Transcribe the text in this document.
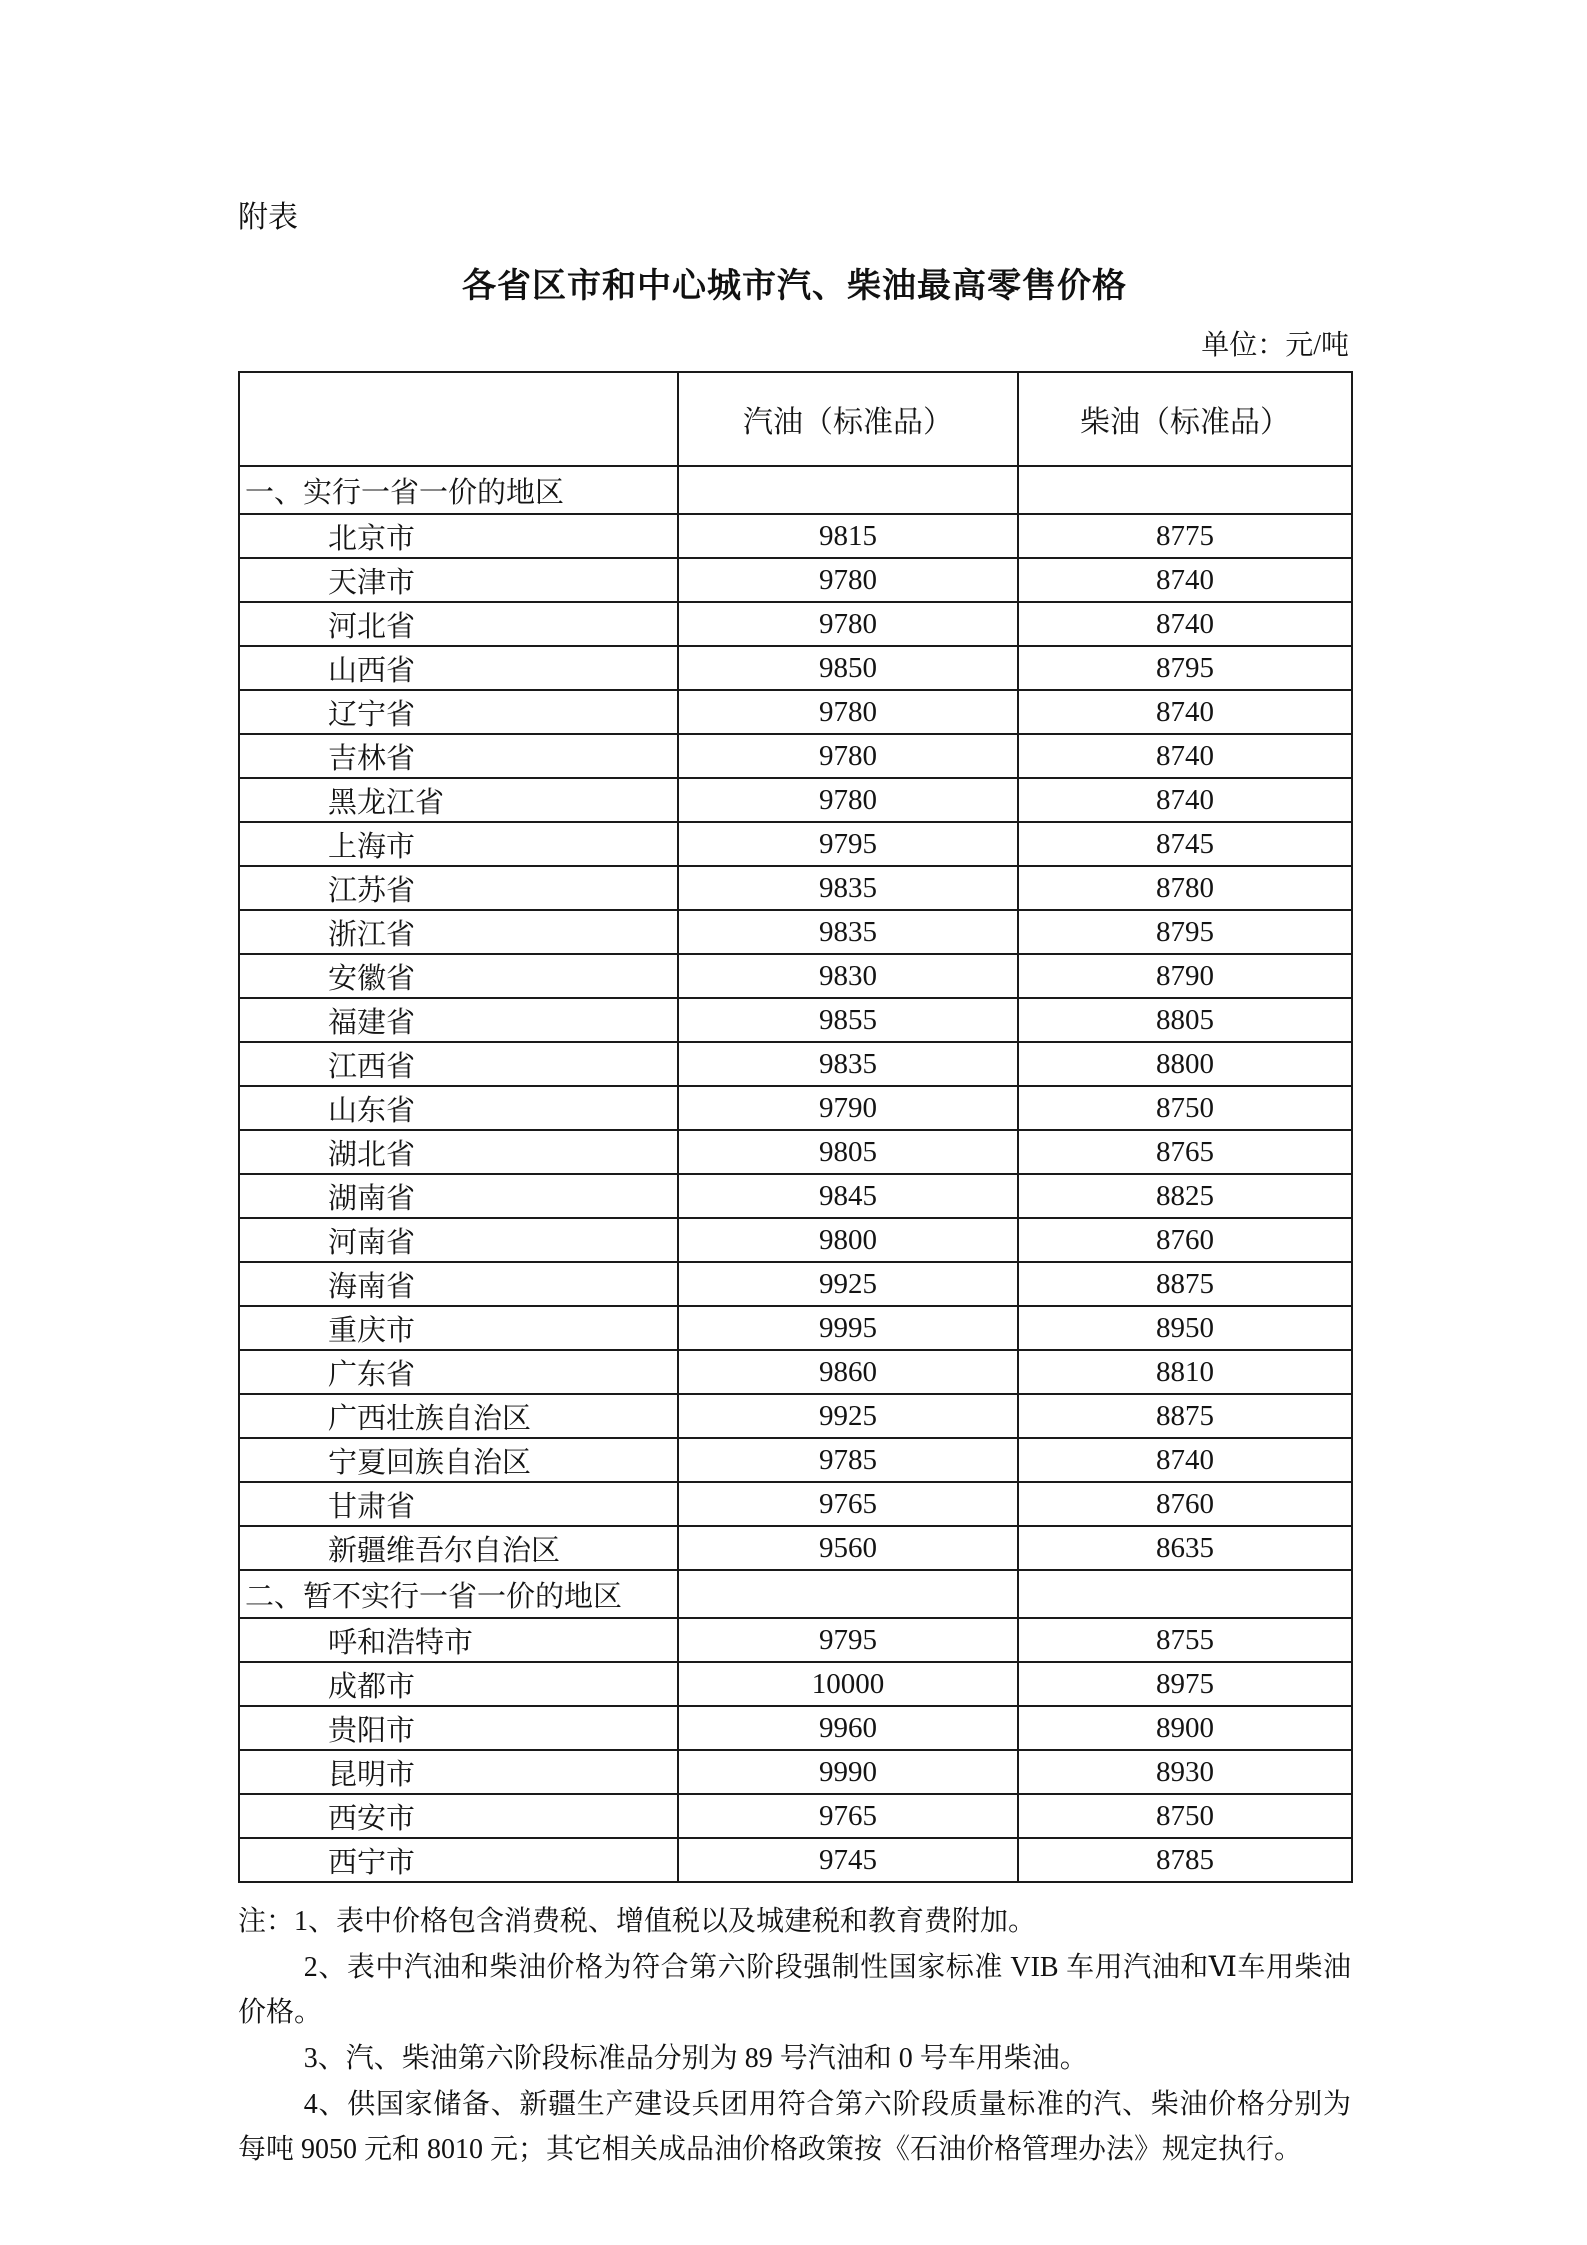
附表
各省区市和中心城市汽、柴油最高零售价格
单位：元/吨
	汽油（标准品）	柴油（标准品）
一、实行一省一价的地区		
北京市	9815	8775
天津市	9780	8740
河北省	9780	8740
山西省	9850	8795
辽宁省	9780	8740
吉林省	9780	8740
黑龙江省	9780	8740
上海市	9795	8745
江苏省	9835	8780
浙江省	9835	8795
安徽省	9830	8790
福建省	9855	8805
江西省	9835	8800
山东省	9790	8750
湖北省	9805	8765
湖南省	9845	8825
河南省	9800	8760
海南省	9925	8875
重庆市	9995	8950
广东省	9860	8810
广西壮族自治区	9925	8875
宁夏回族自治区	9785	8740
甘肃省	9765	8760
新疆维吾尔自治区	9560	8635
二、暂不实行一省一价的地区		
呼和浩特市	9795	8755
成都市	10000	8975
贵阳市	9960	8900
昆明市	9990	8930
西安市	9765	8750
西宁市	9745	8785

注：1、表中价格包含消费税、增值税以及城建税和教育费附加。

2、表中汽油和柴油价格为符合第六阶段强制性国家标准 VIB 车用汽油和Ⅵ车用柴油价格。

3、汽、柴油第六阶段标准品分别为 89 号汽油和 0 号车用柴油。

4、供国家储备、新疆生产建设兵团用符合第六阶段质量标准的汽、柴油价格分别为每吨 9050 元和 8010 元；其它相关成品油价格政策按《石油价格管理办法》规定执行。
